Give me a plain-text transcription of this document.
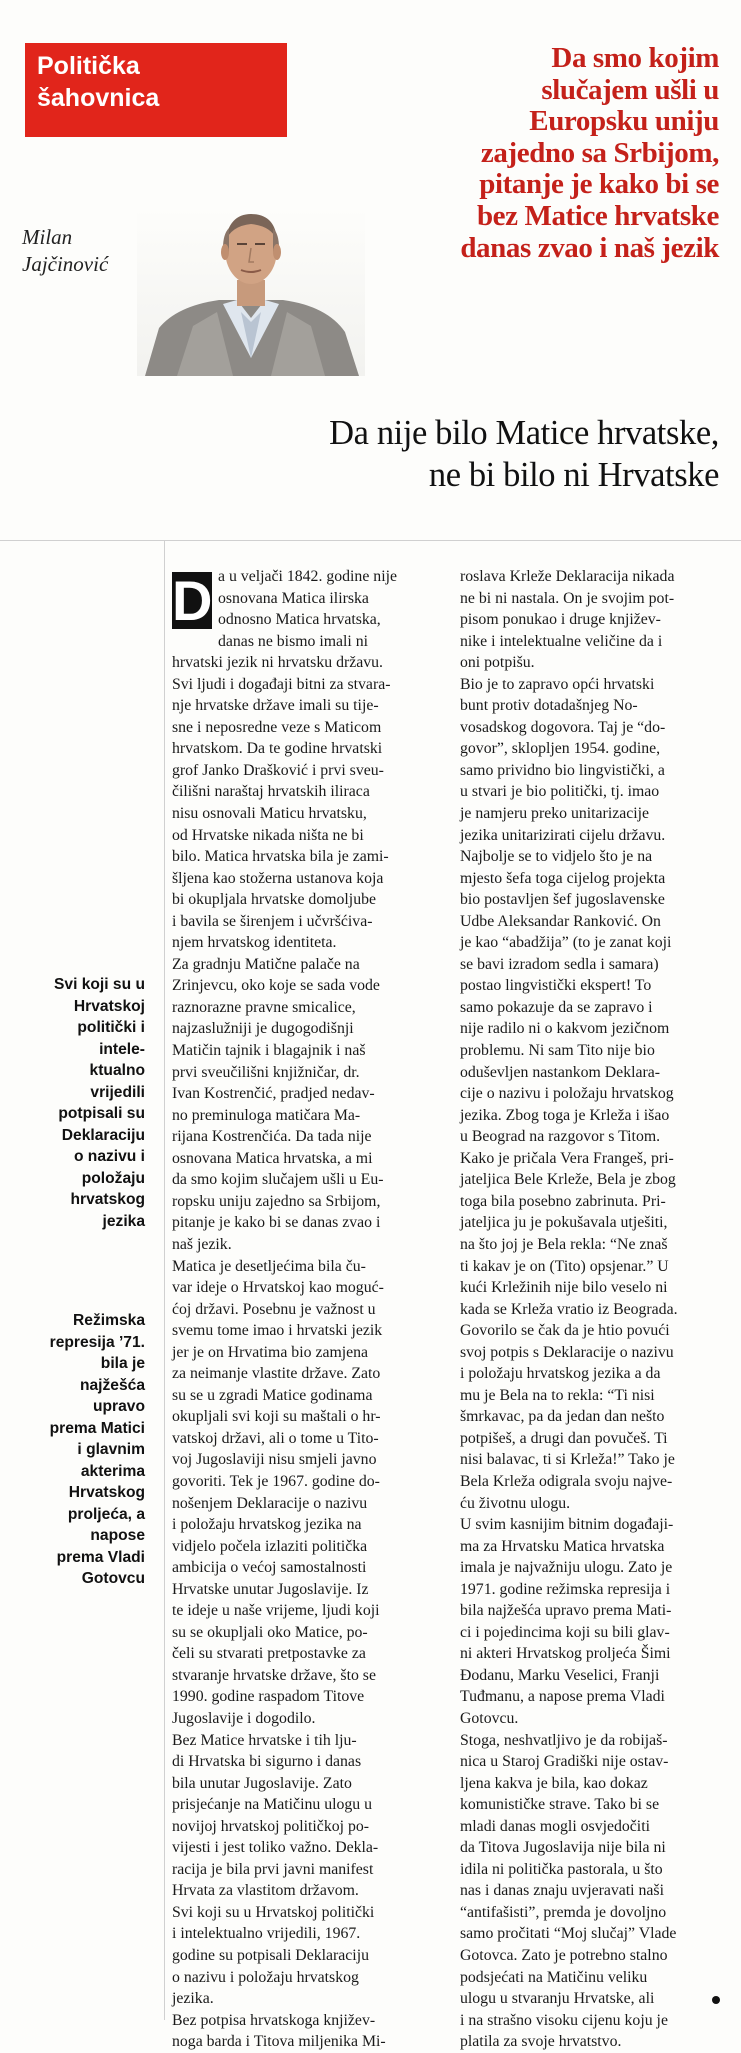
Politička
šahovnica
Da smo kojim
slučajem ušli u
Europsku uniju
zajedno sa Srbijom,
pitanje je kako bi se
bez Matice hrvatske
danas zvao i naš jezik
Milan
Jajčinović
Da nije bilo Matice hrvatske,
ne bi bilo ni Hrvatske
Svi koji su u
Hrvatskoj
politički i
intele-
ktualno
vrijedili
potpisali su
Deklaraciju
o nazivu i
položaju
hrvatskog
jezika
Režimska
represija ’71.
bila je
najžešća
upravo
prema Matici
i glavnim
akterima
Hrvatskog
proljeća, a
napose
prema Vladi
Gotovcu
D a u veljači 1842. godine nije
osnovana Matica ilirska
odnosno Matica hrvatska,
danas ne bismo imali ni
hrvatski jezik ni hrvatsku državu.
Svi ljudi i događaji bitni za stvara-
nje hrvatske države imali su tije-
sne i neposredne veze s Maticom
hrvatskom. Da te godine hrvatski
grof Janko Drašković i prvi sveu-
čilišni naraštaj hrvatskih iliraca
nisu osnovali Maticu hrvatsku,
od Hrvatske nikada ništa ne bi
bilo. Matica hrvatska bila je zami-
šljena kao stožerna ustanova koja
bi okupljala hrvatske domoljube
i bavila se širenjem i učvršćiva-
njem hrvatskog identiteta.
Za gradnju Matične palače na
Zrinjevcu, oko koje se sada vode
raznorazne pravne smicalice,
najzaslužniji je dugogodišnji
Matičin tajnik i blagajnik i naš
prvi sveučilišni knjižničar, dr.
Ivan Kostrenčić, pradjed nedav-
no preminuloga matičara Ma-
rijana Kostrenčića. Da tada nije
osnovana Matica hrvatska, a mi
da smo kojim slučajem ušli u Eu-
ropsku uniju zajedno sa Srbijom,
pitanje je kako bi se danas zvao i
naš jezik.
Matica je desetljećima bila ču-
var ideje o Hrvatskoj kao moguć-
ćoj državi. Posebnu je važnost u
svemu tome imao i hrvatski jezik
jer je on Hrvatima bio zamjena
za neimanje vlastite države. Zato
su se u zgradi Matice godinama
okupljali svi koji su maštali o hr-
vatskoj državi, ali o tome u Tito-
voj Jugoslaviji nisu smjeli javno
govoriti. Tek je 1967. godine do-
nošenjem Deklaracije o nazivu
i položaju hrvatskog jezika na
vidjelo počela izlaziti politička
ambicija o većoj samostalnosti
Hrvatske unutar Jugoslavije. Iz
te ideje u naše vrijeme, ljudi koji
su se okupljali oko Matice, po-
čeli su stvarati pretpostavke za
stvaranje hrvatske države, što se
1990. godine raspadom Titove
Jugoslavije i dogodilo.
Bez Matice hrvatske i tih lju-
di Hrvatska bi sigurno i danas
bila unutar Jugoslavije. Zato
prisjećanje na Matičinu ulogu u
novijoj hrvatskoj političkoj po-
vijesti i jest toliko važno. Dekla-
racija je bila prvi javni manifest
Hrvata za vlastitom državom.
Svi koji su u Hrvatskoj politički
i intelektualno vrijedili, 1967.
godine su potpisali Deklaraciju
o nazivu i položaju hrvatskog
jezika.
Bez potpisa hrvatskoga književ-
noga barda i Titova miljenika Mi-
roslava Krleže Deklaracija nikada
ne bi ni nastala. On je svojim pot-
pisom ponukao i druge književ-
nike i intelektualne veličine da i
oni potpišu.
Bio je to zapravo opći hrvatski
bunt protiv dotadašnjeg No-
vosadskog dogovora. Taj je “do-
govor”, sklopljen 1954. godine,
samo prividno bio lingvistički, a
u stvari je bio politički, tj. imao
je namjeru preko unitarizacije
jezika unitarizirati cijelu državu.
Najbolje se to vidjelo što je na
mjesto šefa toga cijelog projekta
bio postavljen šef jugoslavenske
Udbe Aleksandar Ranković. On
je kao “abadžija” (to je zanat koji
se bavi izradom sedla i samara)
postao lingvistički ekspert! To
samo pokazuje da se zapravo i
nije radilo ni o kakvom jezičnom
problemu. Ni sam Tito nije bio
oduševljen nastankom Deklara-
cije o nazivu i položaju hrvatskog
jezika. Zbog toga je Krleža i išao
u Beograd na razgovor s Titom.
Kako je pričala Vera Frangeš, pri-
jateljica Bele Krleže, Bela je zbog
toga bila posebno zabrinuta. Pri-
jateljica ju je pokušavala utješiti,
na što joj je Bela rekla: “Ne znaš
ti kakav je on (Tito) opsjenar.” U
kući Krležinih nije bilo veselo ni
kada se Krleža vratio iz Beograda.
Govorilo se čak da je htio povući
svoj potpis s Deklaracije o nazivu
i položaju hrvatskog jezika a da
mu je Bela na to rekla: “Ti nisi
šmrkavac, pa da jedan dan nešto
potpišeš, a drugi dan povučeš. Ti
nisi balavac, ti si Krleža!” Tako je
Bela Krleža odigrala svoju najve-
ću životnu ulogu.
U svim kasnijim bitnim događaji-
ma za Hrvatsku Matica hrvatska
imala je najvažniju ulogu. Zato je
1971. godine režimska represija i
bila najžešća upravo prema Mati-
ci i pojedincima koji su bili glav-
ni akteri Hrvatskog proljeća Šimi
Đodanu, Marku Veselici, Franji
Tuđmanu, a napose prema Vladi
Gotovcu.
Stoga, neshvatljivo je da robijaš-
nica u Staroj Gradiški nije ostav-
ljena kakva je bila, kao dokaz
komunističke strave. Tako bi se
mladi danas mogli osvjedočiti
da Titova Jugoslavija nije bila ni
idila ni politička pastorala, u što
nas i danas znaju uvjeravati naši
“antifašisti”, premda je dovoljno
samo pročitati “Moj slučaj” Vlade
Gotovca. Zato je potrebno stalno
podsjećati na Matičinu veliku
ulogu u stvaranju Hrvatske, ali
i na strašno visoku cijenu koju je
platila za svoje hrvatstvo.
